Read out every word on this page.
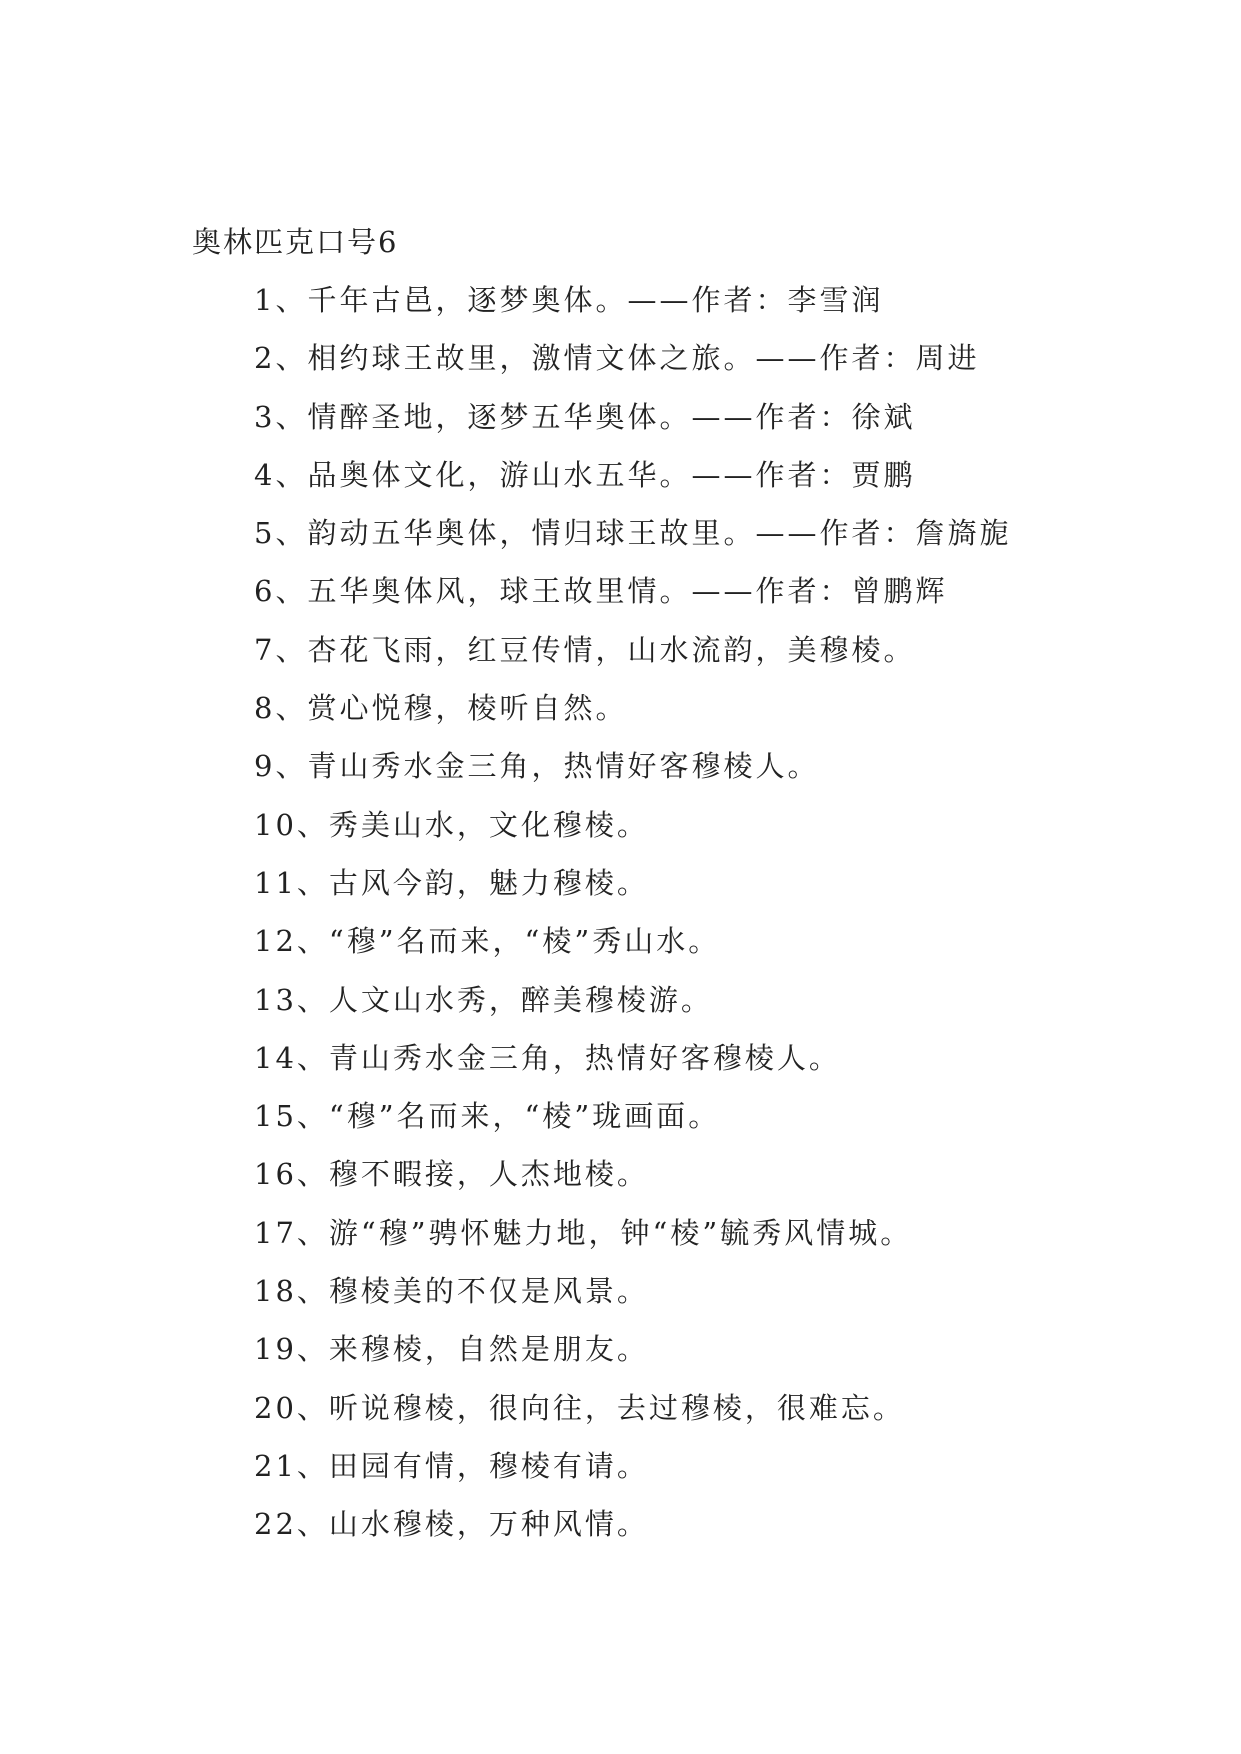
奥林匹克口号6
1、千年古邑，逐梦奥体。——作者：李雪润
2、相约球王故里，激情文体之旅。——作者：周进
3、情醉圣地，逐梦五华奥体。——作者：徐斌
4、品奥体文化，游山水五华。——作者：贾鹏
5、韵动五华奥体，情归球王故里。——作者：詹旖旎
6、五华奥体风，球王故里情。——作者：曾鹏辉
7、杏花飞雨，红豆传情，山水流韵，美穆棱。
8、赏心悦穆，棱听自然。
9、青山秀水金三角，热情好客穆棱人。
10、秀美山水，文化穆棱。
11、古风今韵，魅力穆棱。
12、“穆”名而来，“棱”秀山水。
13、人文山水秀，醉美穆棱游。
14、青山秀水金三角，热情好客穆棱人。
15、“穆”名而来，“棱”珑画面。
16、穆不暇接，人杰地棱。
17、游“穆”骋怀魅力地，钟“棱”毓秀风情城。
18、穆棱美的不仅是风景。
19、来穆棱，自然是朋友。
20、听说穆棱，很向往，去过穆棱，很难忘。
21、田园有情，穆棱有请。
22、山水穆棱，万种风情。
